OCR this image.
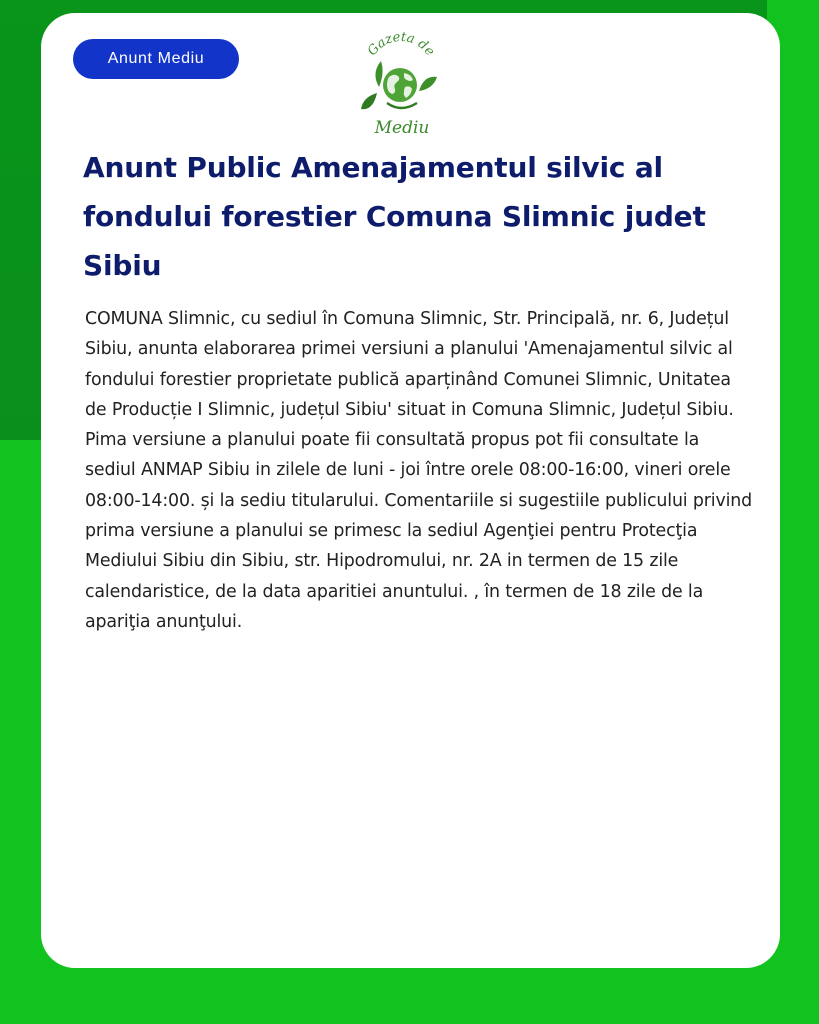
Anunt Mediu	Gazeta de
Mediu
Anunt Public Amenajamentul silvic al fondului forestier Comuna Slimnic judet Sibiu

COMUNA Slimnic, cu sediul în Comuna Slimnic, Str. Principală, nr. 6, Județul Sibiu, anunta elaborarea primei versiuni a planului 'Amenajamentul silvic al fondului forestier proprietate publică aparținând Comunei Slimnic, Unitatea de Producție I Slimnic, județul Sibiu' situat in Comuna Slimnic, Județul Sibiu. Pima versiune a planului poate fii consultată propus pot fii consultate la sediul ANMAP Sibiu in zilele de luni - joi între orele 08:00-16:00, vineri orele 08:00-14:00. și la sediu titularului. Comentariile si sugestiile publicului privind prima versiune a planului se primesc la sediul Agenţiei pentru Protecţia Mediului Sibiu din Sibiu, str. Hipodromului, nr. 2A in termen de 15 zile calendaristice, de la data aparitiei anuntului. , în termen de 18 zile de la apariţia anunţului.
